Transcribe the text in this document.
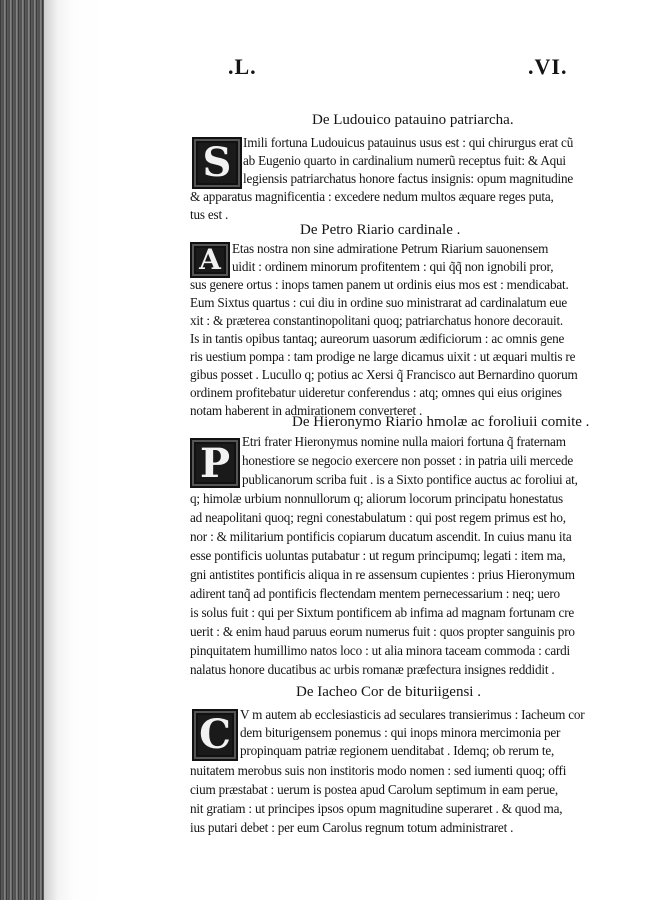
.L.	.VI.
De Ludouico patauino patriarcha.
S Imili fortuna Ludouicus patauinus usus est : qui chirurgus erat cũ
ab Eugenio quarto in cardinalium numerũ receptus fuit: & Aqui
legiensis patriarchatus honore factus insignis: opum magnitudine
& apparatus magnificentia : excedere nedum multos æquare reges puta,
tus est .
De Petro Riario cardinale .
A Etas nostra non sine admiratione Petrum Riarium sauonensem
uidit : ordinem minorum profitentem : qui q̃q̃ non ignobili pror,
sus genere ortus : inops tamen panem ut ordinis eius mos est : mendicabat.
Eum Sixtus quartus : cui diu in ordine suo ministrarat ad cardinalatum eue
xit : & præterea constantinopolitani quoq; patriarchatus honore decorauit.
Is in tantis opibus tantaq; aureorum uasorum ædificiorum : ac omnis gene
ris uestium pompa : tam prodige ne large dicamus uixit : ut æquari multis re
gibus posset . Lucullo q; potius ac Xersi q̃ Francisco aut Bernardino quorum
ordinem profitebatur uideretur conferendus : atq; omnes qui eius origines
notam haberent in admirationem converteret .
De Hieronymo Riario hmolæ ac foroliuii comite .
P Etri frater Hieronymus nomine nulla maiori fortuna q̃ fraternam
honestiore se negocio exercere non posset : in patria uili mercede
publicanorum scriba fuit . is a Sixto pontifice auctus ac foroliui at,
q; himolæ urbium nonnullorum q; aliorum locorum principatu honestatus
ad neapolitani quoq; regni conestabulatum : qui post regem primus est ho,
nor : & militarium pontificis copiarum ducatum ascendit. In cuius manu ita
esse pontificis uoluntas putabatur : ut regum principumq; legati : item ma,
gni antistites pontificis aliqua in re assensum cupientes : prius Hieronymum
adirent tanq̃ ad pontificis flectendam mentem pernecessarium : neq; uero
is solus fuit : qui per Sixtum pontificem ab infima ad magnam fortunam cre
uerit : & enim haud paruus eorum numerus fuit : quos propter sanguinis pro
pinquitatem humillimo natos loco : ut alia minora taceam commoda : cardi
nalatus honore ducatibus ac urbis romanæ præfectura insignes reddidit .
De Iacheo Cor de bituriigensi .
C V m autem ab ecclesiasticis ad seculares transierimus : Iacheum cor
dem biturigensem ponemus : qui inops minora mercimonia per
propinquam patriæ regionem uenditabat . Idemq; ob rerum te,
nuitatem merobus suis non institoris modo nomen : sed iumenti quoq; offi
cium præstabat : uerum is postea apud Carolum septimum in eam perue,
nit gratiam : ut principes ipsos opum magnitudine superaret . & quod ma,
ius putari debet : per eum Carolus regnum totum administraret .
